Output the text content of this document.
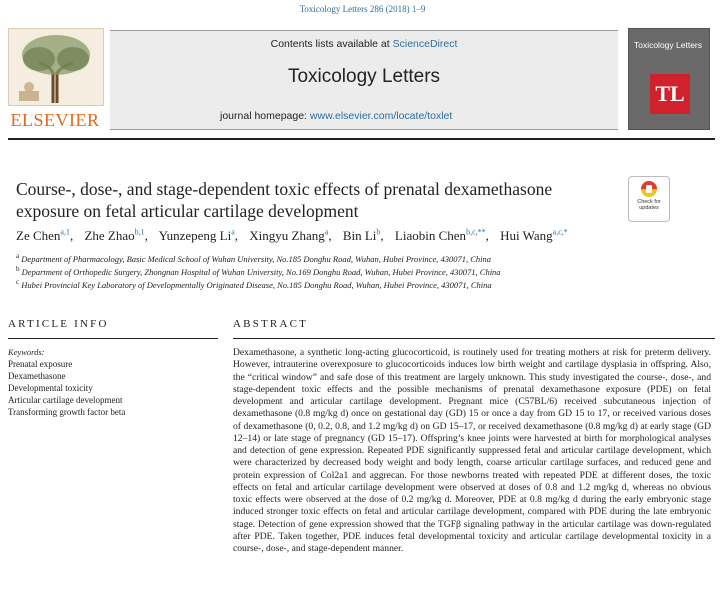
Toxicology Letters 286 (2018) 1–9
ELSEVIER
Contents lists available at ScienceDirect
Toxicology Letters
journal homepage: www.elsevier.com/locate/toxlet
Toxicology Letters
TL
Course-, dose-, and stage-dependent toxic effects of prenatal dexamethasone exposure on fetal articular cartilage development	Check for
updates
Ze Chen$^{a,1}$, Zhe Zhao$^{b,1}$, Yunzepeng Li$^a$, Xingyu Zhang$^a$, Bin Li$^b$, Liaobin Chen$^{b,c,**}$, Hui Wang$^{a,c,*}$
$^a$ Department of Pharmacology, Basic Medical School of Wuhan University, No.185 Donghu Road, Wuhan, Hubei Province, 430071, China
$^b$ Department of Orthopedic Surgery, Zhongnan Hospital of Wuhan University, No.169 Donghu Road, Wuhan, Hubei Province, 430071, China
$^c$ Hubei Provincial Key Laboratory of Developmentally Originated Disease, No.185 Donghu Road, Wuhan, Hubei Province, 430071, China
ARTICLE INFO	ABSTRACT
Keywords:
Prenatal exposure
Dexamethasone
Developmental toxicity
Articular cartilage development
Transforming growth factor beta
Dexamethasone, a synthetic long-acting glucocorticoid, is routinely used for treating mothers at risk for preterm delivery. However, intrauterine overexposure to glucocorticoids induces low birth weight and cartilage dysplasia in offspring. Also, the “critical window” and safe dose of this treatment are largely unknown. This study investigated the course-, dose-, and stage-dependent toxic effects and the possible mechanisms of prenatal dexamethasone exposure (PDE) on fetal development and articular cartilage development. Pregnant mice (C57BL/6) received subcutaneous injection of dexamethasone (0.8 mg/kg d) once on gestational day (GD) 15 or once a day from GD 15 to 17, or received various doses of dexamethasone (0, 0.2, 0.8, and 1.2 mg/kg d) on GD 15–17, or received dexamethasone (0.8 mg/kg d) at early stage (GD 12–14) or late stage of pregnancy (GD 15–17). Offspring’s knee joints were harvested at birth for morphological analyses and detection of gene expression. Repeated PDE significantly suppressed fetal and articular cartilage development, which were characterized by decreased body weight and body length, coarse articular cartilage surfaces, and reduced gene and protein expression of Col2a1 and aggrecan. For those newborns treated with repeated PDE at different doses, the toxic effects on fetal and articular cartilage development were observed at doses of 0.8 and 1.2 mg/kg d, whereas no obvious toxic effects were observed at the dose of 0.2 mg/kg d. Moreover, PDE at 0.8 mg/kg d during the early embryonic stage induced stronger toxic effects on fetal and articular cartilage development, compared with PDE during the late embryonic stage. Detection of gene expression showed that the TGFβ signaling pathway in the articular cartilage was down-regulated after PDE. Taken together, PDE induces fetal developmental toxicity and articular cartilage developmental toxicity in a course-, dose-, and stage-dependent manner.
